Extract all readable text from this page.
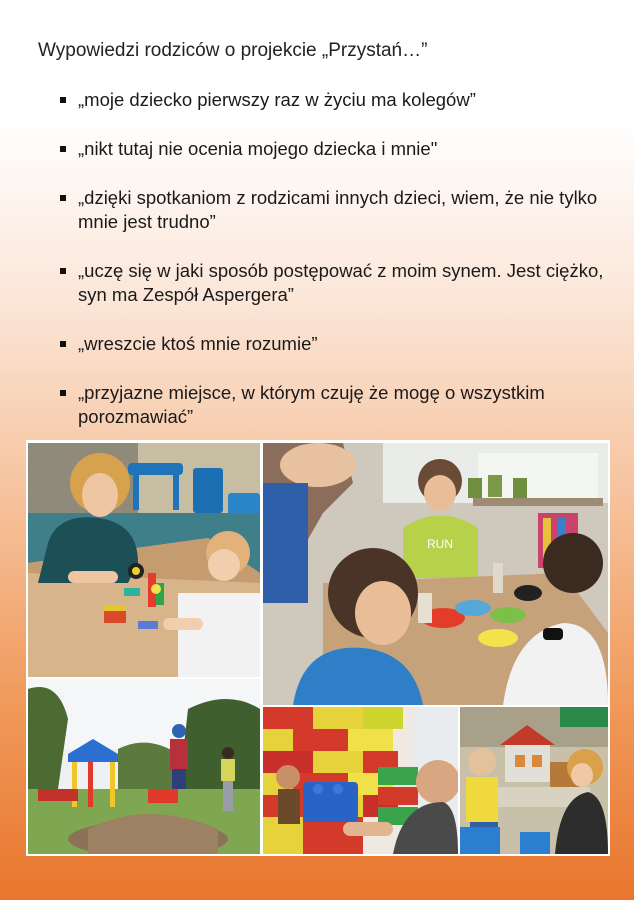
Wypowiedzi rodziców o projekcie „Przystań…”
„moje dziecko pierwszy raz w życiu ma kolegów”
„nikt tutaj nie ocenia mojego dziecka i mnie"
„dzięki spotkaniom z rodzicami innych dzieci, wiem, że nie tylko mnie jest trudno”
„uczę się w jaki sposób postępować z moim synem. Jest ciężko, syn ma Zespół Aspergera”
„wreszcie ktoś mnie rozumie”
„przyjazne miejsce, w którym czuję że mogę o wszystkim porozmawiać”
RUN
